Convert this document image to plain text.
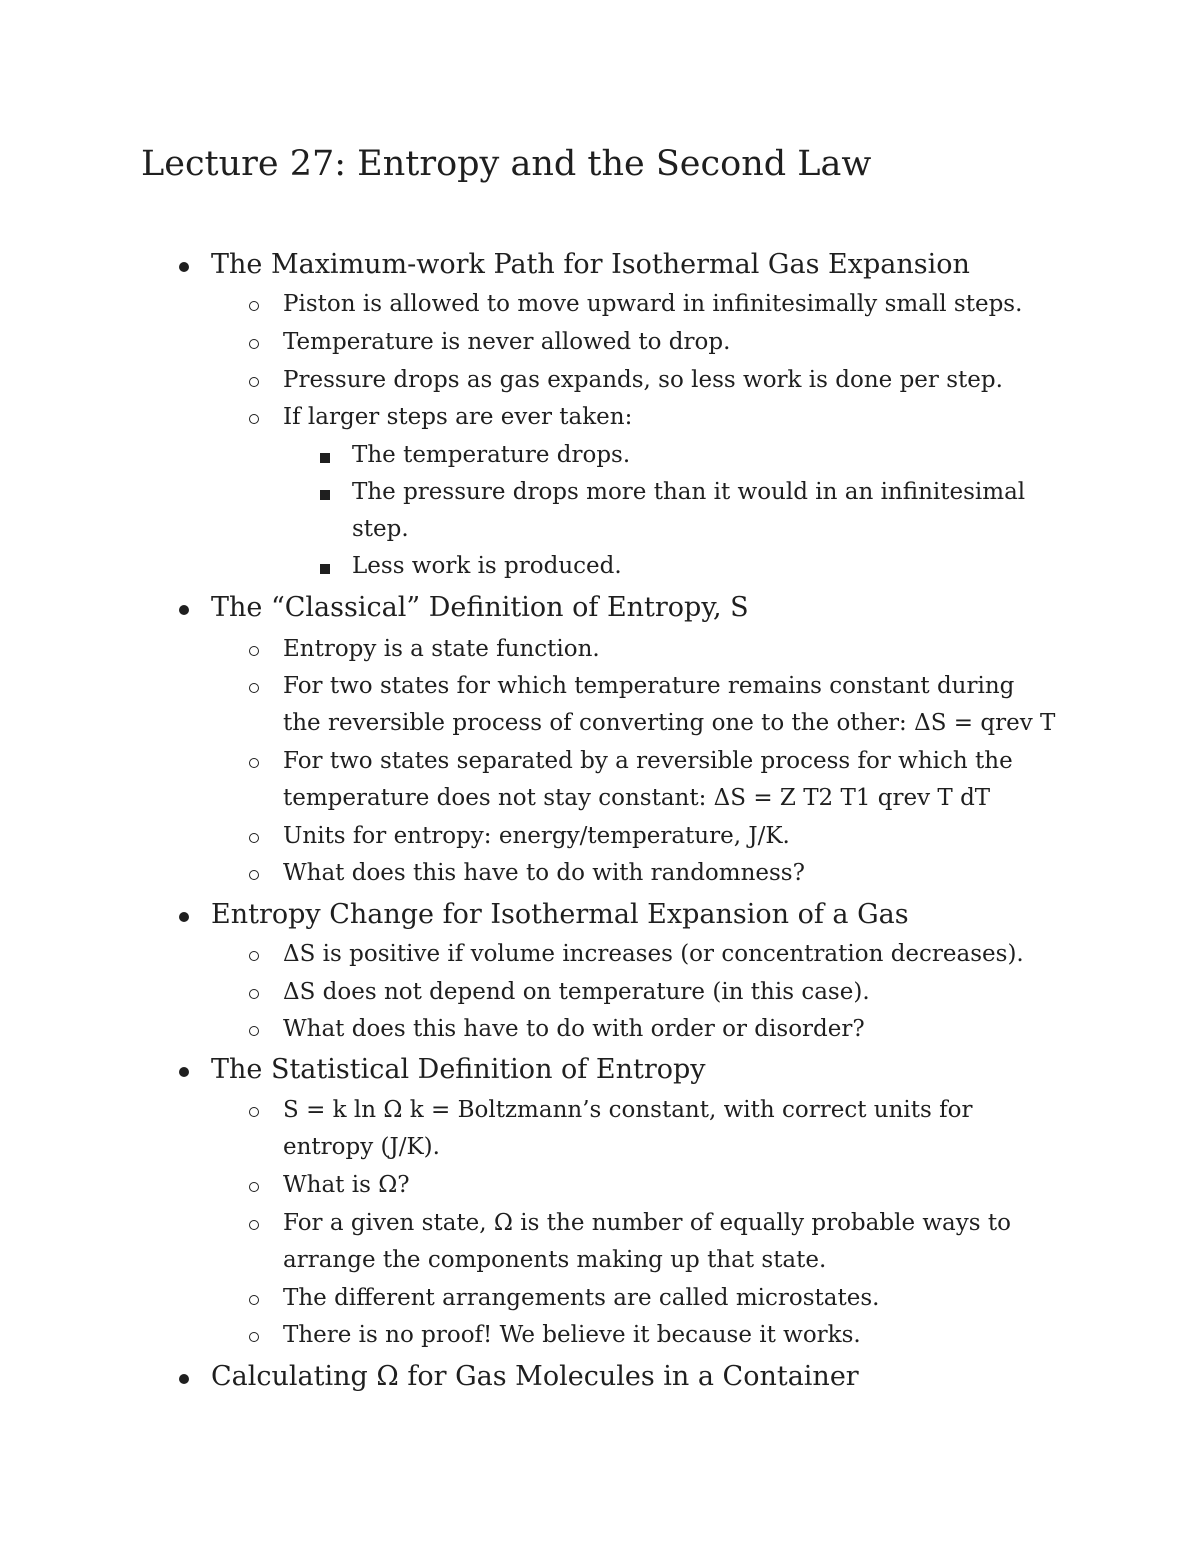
Lecture 27: Entropy and the Second Law
The Maximum-work Path for Isothermal Gas Expansion
Piston is allowed to move upward in infinitesimally small steps.
Temperature is never allowed to drop.
Pressure drops as gas expands, so less work is done per step.
If larger steps are ever taken:
The temperature drops.
The pressure drops more than it would in an infinitesimal
step.
Less work is produced.
The “Classical” Definition of Entropy, S
Entropy is a state function.
For two states for which temperature remains constant during
the reversible process of converting one to the other: ΔS = qrev T
For two states separated by a reversible process for which the
temperature does not stay constant: ΔS = Z T2 T1 qrev T dT
Units for entropy: energy/temperature, J/K.
What does this have to do with randomness?
Entropy Change for Isothermal Expansion of a Gas
ΔS is positive if volume increases (or concentration decreases).
ΔS does not depend on temperature (in this case).
What does this have to do with order or disorder?
The Statistical Definition of Entropy
S = k ln Ω k = Boltzmann’s constant, with correct units for
entropy (J/K).
What is Ω?
For a given state, Ω is the number of equally probable ways to
arrange the components making up that state.
The different arrangements are called microstates.
There is no proof! We believe it because it works.
Calculating Ω for Gas Molecules in a Container
